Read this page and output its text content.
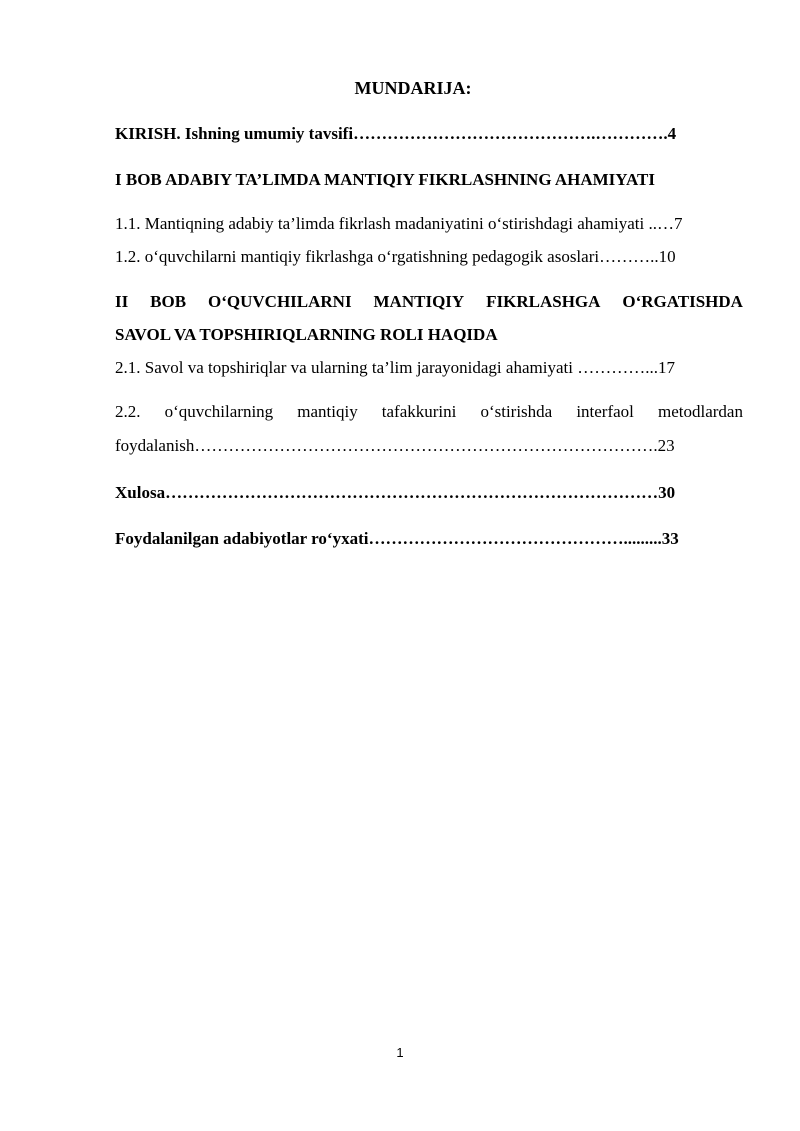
MUNDARIJA:
KIRISH. Ishning umumiy tavsifi…………………………………….………….4
I BOB ADABIY TA’LIMDA MANTIQIY FIKRLASHNING AHAMIYATI
1.1. Mantiqning adabiy ta’limda fikrlash madaniyatini o‘stirishdagi ahamiyati ..…7
1.2. o‘quvchilarni mantiqiy fikrlashga o‘rgatishning pedagogik asoslari………..10
II BOB O‘QUVCHILARNI MANTIQIY FIKRLASHGA O‘RGATISHDA
SAVOL VA TOPSHIRIQLARNING ROLI HAQIDA
2.1. Savol va topshiriqlar va ularning ta’lim jarayonidagi ahamiyati …………...17
2.2. o‘quvchilarning mantiqiy tafakkurini o‘stirishda interfaol metodlardan
foydalanish……………………………………………………………………….23
Xulosa……………………………………………………………………………30
Foydalanilgan adabiyotlar ro‘yxati……………………………………….........33
1
